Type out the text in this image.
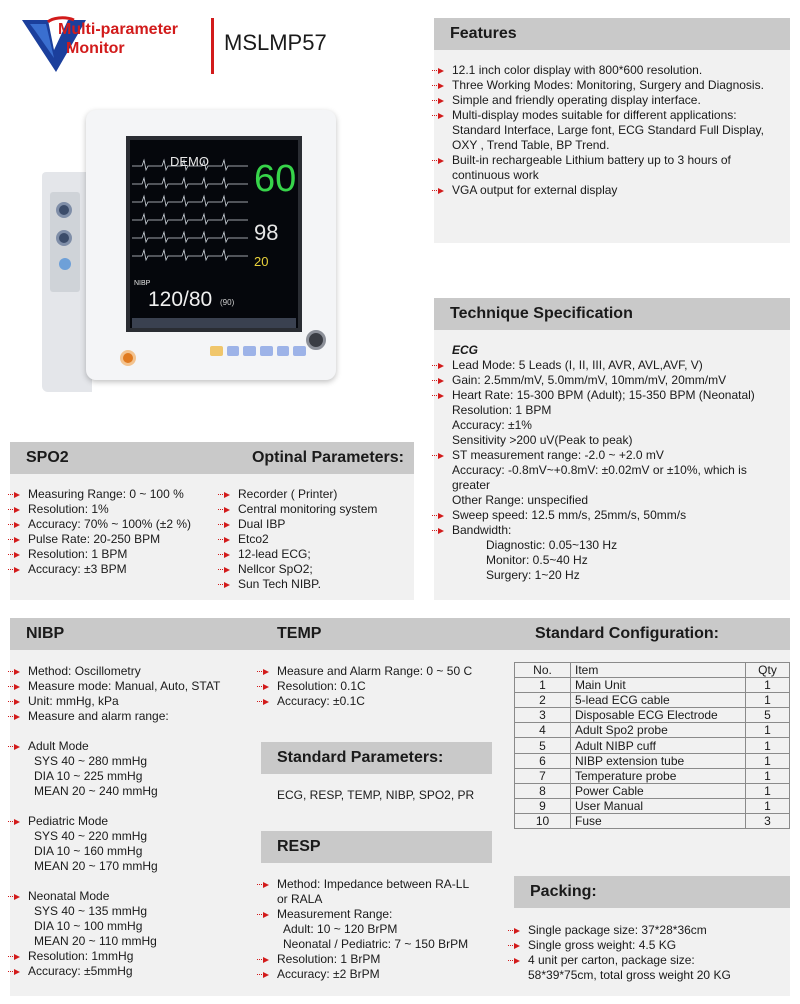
Multi-parameter
Monitor	MSLMP57
DEMO 60
98
20
NIBP
120/80 (90)
Features
12.1 inch color display with 800*600 resolution.
Three Working Modes: Monitoring, Surgery and Diagnosis.
Simple and friendly operating display interface.
Multi-display modes suitable for different applications:
Standard Interface, Large font, ECG Standard Full Display,
OXY , Trend Table, BP Trend.
Built-in rechargeable Lithium battery up to 3 hours of
continuous work
VGA output for external display
Technique Specification
ECG
Lead Mode: 5 Leads (I, II, III, AVR, AVL,AVF, V)
Gain: 2.5mm/mV, 5.0mm/mV, 10mm/mV, 20mm/mV
Heart Rate: 15-300 BPM (Adult); 15-350 BPM (Neonatal)
Resolution: 1 BPM
Accuracy: ±1%
Sensitivity >200 uV(Peak to peak)
ST measurement range: -2.0 ~ +2.0 mV
Accuracy: -0.8mV~+0.8mV: ±0.02mV or ±10%, which is
greater
Other Range: unspecified
Sweep speed: 12.5 mm/s, 25mm/s, 50mm/s
Bandwidth:
Diagnostic: 0.05~130 Hz
Monitor: 0.5~40 Hz
Surgery: 1~20 Hz
SPO2	Optinal Parameters:
Measuring Range: 0 ~ 100 %
Resolution: 1%
Accuracy: 70% ~ 100% (±2 %)
Pulse Rate: 20-250 BPM
Resolution: 1 BPM
Accuracy: ±3 BPM
Recorder ( Printer)
Central monitoring system
Dual IBP
Etco2
12-lead ECG;
Nellcor SpO2;
Sun Tech NIBP.
NIBP	TEMP	Standard Configuration:
Method: Oscillometry
Measure mode: Manual, Auto, STAT
Unit: mmHg, kPa
Measure and alarm range:
Adult Mode
SYS 40 ~ 280 mmHg
DIA 10 ~ 225 mmHg
MEAN 20 ~ 240 mmHg
Pediatric Mode
SYS 40 ~ 220 mmHg
DIA 10 ~ 160 mmHg
MEAN 20 ~ 170 mmHg
Neonatal Mode
SYS 40 ~ 135 mmHg
DIA 10 ~ 100 mmHg
MEAN 20 ~ 110 mmHg
Resolution: 1mmHg
Accuracy: ±5mmHg
Measure and Alarm Range: 0 ~ 50 C
Resolution: 0.1C
Accuracy: ±0.1C
Standard Parameters:
ECG, RESP, TEMP, NIBP, SPO2, PR
RESP
Method: Impedance between RA-LL
or RALA
Measurement Range:
Adult: 10 ~ 120 BrPM
Neonatal / Pediatric: 7 ~ 150 BrPM
Resolution: 1 BrPM
Accuracy: ±2 BrPM
No.	Item	Qty
1	Main Unit	1
2	5-lead ECG cable	1
3	Disposable ECG Electrode	5
4	Adult Spo2 probe	1
5	Adult NIBP cuff	1
6	NIBP extension tube	1
7	Temperature probe	1
8	Power Cable	1
9	User Manual	1
10	Fuse	3
Packing:
Single package size: 37*28*36cm
Single gross weight: 4.5 KG
4 unit per carton, package size:
58*39*75cm, total gross weight 20 KG
